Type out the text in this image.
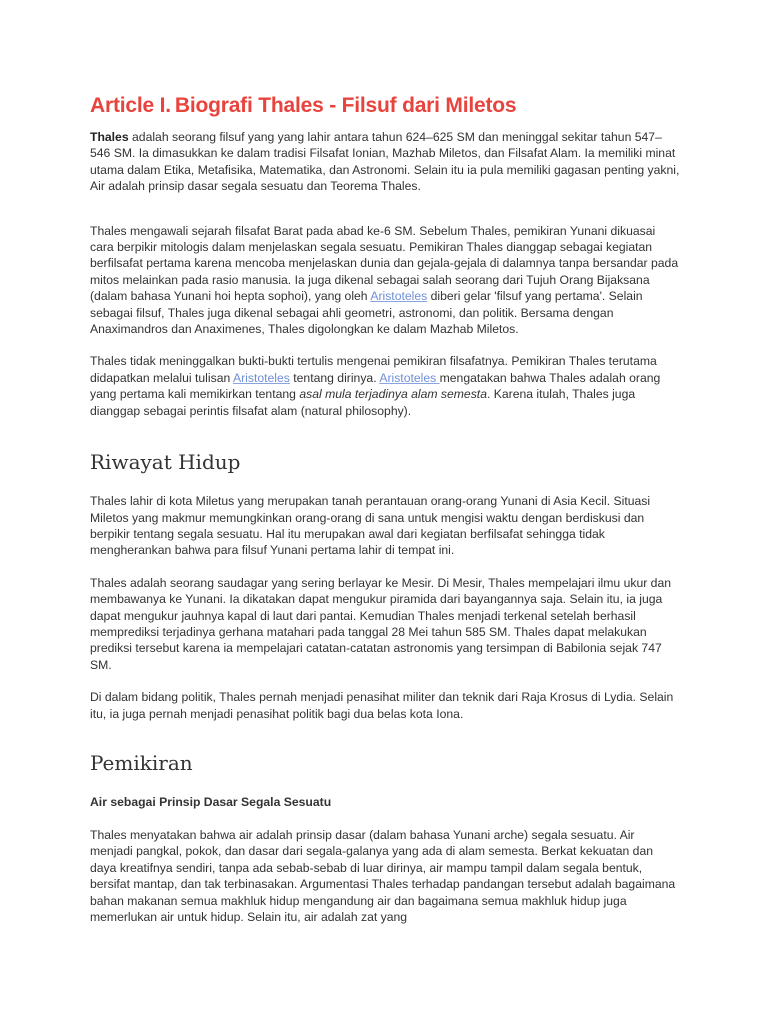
Article I. Biografi Thales - Filsuf dari Miletos

Thales adalah seorang filsuf yang yang lahir antara tahun 624–625 SM dan meninggal sekitar tahun 547–546 SM. Ia dimasukkan ke dalam tradisi Filsafat Ionian, Mazhab Miletos, dan Filsafat Alam. Ia memiliki minat utama dalam Etika, Metafisika, Matematika, dan Astronomi. Selain itu ia pula memiliki gagasan penting yakni, Air adalah prinsip dasar segala sesuatu dan Teorema Thales.

Thales mengawali sejarah filsafat Barat pada abad ke-6 SM. Sebelum Thales, pemikiran Yunani dikuasai cara berpikir mitologis dalam menjelaskan segala sesuatu. Pemikiran Thales dianggap sebagai kegiatan berfilsafat pertama karena mencoba menjelaskan dunia dan gejala-gejala di dalamnya tanpa bersandar pada mitos melainkan pada rasio manusia. Ia juga dikenal sebagai salah seorang dari Tujuh Orang Bijaksana (dalam bahasa Yunani hoi hepta sophoi), yang oleh Aristoteles diberi gelar 'filsuf yang pertama'. Selain sebagai filsuf, Thales juga dikenal sebagai ahli geometri, astronomi, dan politik. Bersama dengan Anaximandros dan Anaximenes, Thales digolongkan ke dalam Mazhab Miletos.

Thales tidak meninggalkan bukti-bukti tertulis mengenai pemikiran filsafatnya. Pemikiran Thales terutama didapatkan melalui tulisan Aristoteles tentang dirinya. Aristoteles mengatakan bahwa Thales adalah orang yang pertama kali memikirkan tentang asal mula terjadinya alam semesta. Karena itulah, Thales juga dianggap sebagai perintis filsafat alam (natural philosophy).

Riwayat Hidup

Thales lahir di kota Miletus yang merupakan tanah perantauan orang-orang Yunani di Asia Kecil. Situasi Miletos yang makmur memungkinkan orang-orang di sana untuk mengisi waktu dengan berdiskusi dan berpikir tentang segala sesuatu. Hal itu merupakan awal dari kegiatan berfilsafat sehingga tidak mengherankan bahwa para filsuf Yunani pertama lahir di tempat ini.

Thales adalah seorang saudagar yang sering berlayar ke Mesir. Di Mesir, Thales mempelajari ilmu ukur dan membawanya ke Yunani. Ia dikatakan dapat mengukur piramida dari bayangannya saja. Selain itu, ia juga dapat mengukur jauhnya kapal di laut dari pantai. Kemudian Thales menjadi terkenal setelah berhasil memprediksi terjadinya gerhana matahari pada tanggal 28 Mei tahun 585 SM. Thales dapat melakukan prediksi tersebut karena ia mempelajari catatan-catatan astronomis yang tersimpan di Babilonia sejak 747 SM.

Di dalam bidang politik, Thales pernah menjadi penasihat militer dan teknik dari Raja Krosus di Lydia. Selain itu, ia juga pernah menjadi penasihat politik bagi dua belas kota Iona.

Pemikiran
Air sebagai Prinsip Dasar Segala Sesuatu

Thales menyatakan bahwa air adalah prinsip dasar (dalam bahasa Yunani arche) segala sesuatu. Air menjadi pangkal, pokok, dan dasar dari segala-galanya yang ada di alam semesta. Berkat kekuatan dan daya kreatifnya sendiri, tanpa ada sebab-sebab di luar dirinya, air mampu tampil dalam segala bentuk, bersifat mantap, dan tak terbinasakan. Argumentasi Thales terhadap pandangan tersebut adalah bagaimana bahan makanan semua makhluk hidup mengandung air dan bagaimana semua makhluk hidup juga memerlukan air untuk hidup. Selain itu, air adalah zat yang
